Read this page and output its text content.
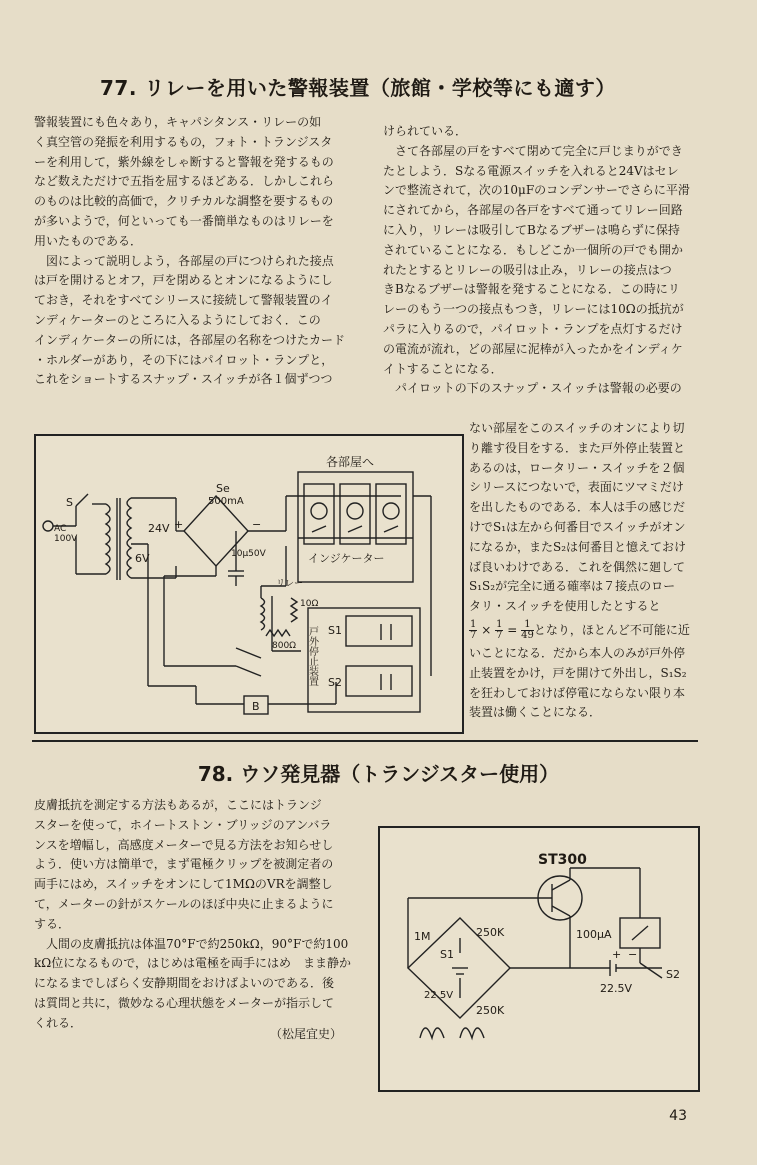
77. リレーを用いた警報装置（旅館・学校等にも適す）

警報装置にも色々あり，キャパシタンス・リレーの如

く真空管の発振を利用するもの，フォト・トランジスタ

ーを利用して，紫外線をしゃ断すると警報を発するもの

など数えただけで五指を屈するほどある．しかしこれら

のものは比較的高価で，クリチカルな調整を要するもの

が多いようで，何といっても一番簡単なものはリレーを

用いたものである．

　図によって説明しよう，各部屋の戸につけられた接点

は戸を開けるとオフ，戸を閉めるとオンになるようにし

ておき，それをすべてシリースに接続して警報装置のイ

ンディケーターのところに入るようにしておく．この

インディケーターの所には，各部屋の名称をつけたカード

・ホルダーがあり，その下にはパイロット・ランプと，

これをショートするスナップ・スイッチが各１個ずつつ

けられている．

　さて各部屋の戸をすべて閉めて完全に戸じまりができ

たとしよう．Sなる電源スイッチを入れると24Vはセレ

ンで整流されて，次の10μFのコンデンサーでさらに平滑

にされてから，各部屋の各戸をすべて通ってリレー回路

に入り，リレーは吸引してBなるブザーは鳴らずに保持

されていることになる．もしどこか一個所の戸でも開か

れたとするとリレーの吸引は止み，リレーの接点はつ

きBなるブザーは警報を発することになる．この時にリ

レーのもう一つの接点もつき，リレーには10Ωの抵抗が

パラに入りるので，パイロット・ランプを点灯するだけ

の電流が流れ，どの部屋に泥棒が入ったかをインディケ

イトすることになる．

　パイロットの下のスナップ・スイッチは警報の必要の

ない部屋をこのスイッチのオンにより切

り離す役目をする．また戸外停止装置と

あるのは，ロータリー・スイッチを２個

シリースにつないで，表面にツマミだけ

を出したものである．本人は手の感じだ

けでS₁は左から何番目でスイッチがオン

になるか，またS₂は何番目と憶えておけ

ば良いわけである．これを偶然に廻して

S₁S₂が完全に通る確率は７接点のロー

タリ・スイッチを使用したとすると

$\frac{1}{7} \times \frac{1}{7} = \frac{1}{49}$ となり，ほとんど不可能に近

いことになる．だから本人のみが戸外停

止装置をかけ，戸を開けて外出し，S₁S₂

を狂わしておけば停電にならない限り本

装置は働くことになる．

S
AC
100V
24V
6V
Se
500mA
+	−
各部屋へ
インジケーター
10μ50V
10Ω
800Ω
リレー
S1
S2
B
戸外停止装置
78. ウソ発見器（トランジスター使用）

皮膚抵抗を測定する方法もあるが，ここにはトランジ

スターを使って，ホイートストン・ブリッジのアンバラ

ンスを増幅し，高感度メーターで見る方法をお知らせし

よう．使い方は簡単で，まず電極クリップを被測定者の

両手にはめ，スイッチをオンにして1MΩのVRを調整し

て，メーターの針がスケールのほぼ中央に止まるように

する．

　人間の皮膚抵抗は体温70°Fで約250kΩ，90°Fで約100

kΩ位になるもので，はじめは電極を両手にはめ　まま静か

になるまでしばらく安静期間をおけばよいのである．後

は質問と共に，微妙なる心理状態をメーターが指示して

くれる．

（松尾宜史）
ST300
100μA
1M	250K
250K
S1
S2
22.5V
22.5V
+ −
43
